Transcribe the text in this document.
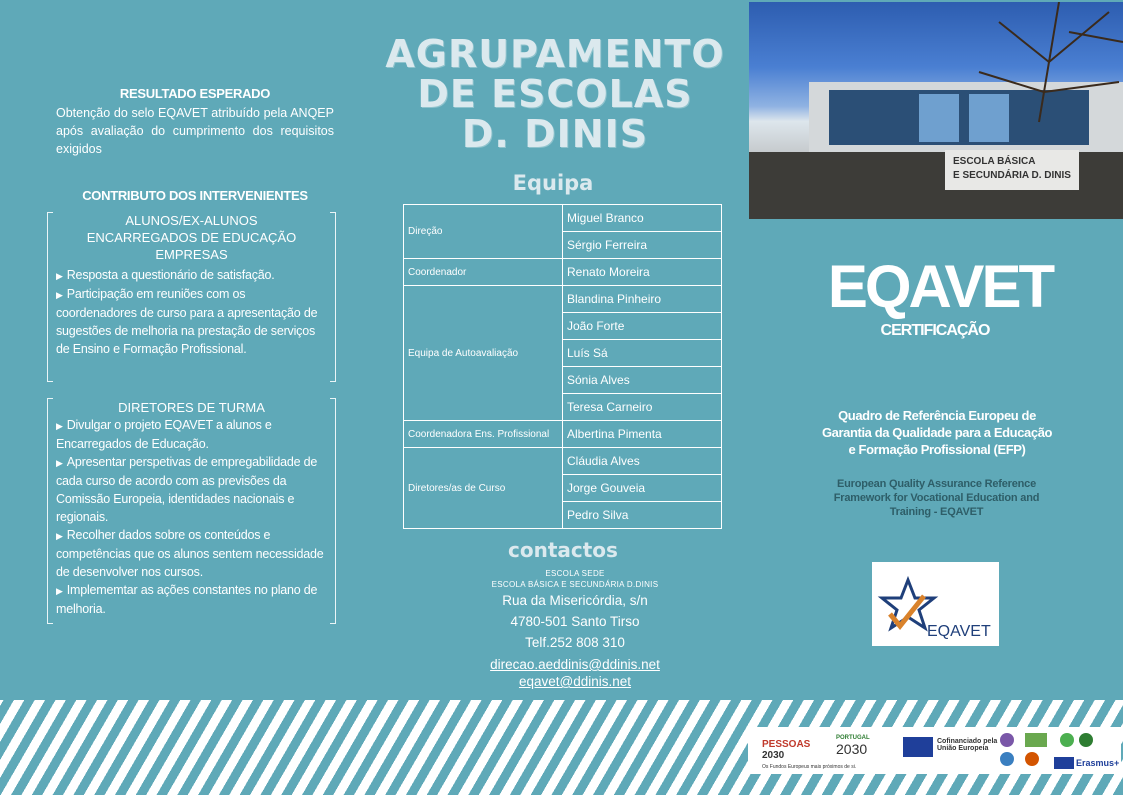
RESULTADO ESPERADO
Obtenção do selo EQAVET atribuído pela ANQEP após avaliação do cumprimento dos requisitos exigidos
CONTRIBUTO DOS INTERVENIENTES
ALUNOS/EX-ALUNOS
ENCARREGADOS DE EDUCAÇÃO
EMPRESAS
▶ Resposta a questionário de satisfação.
▶ Participação em reuniões com os coordenadores de curso para a apresentação de sugestões de melhoria na prestação de serviços de Ensino e Formação Profissional.
DIRETORES DE TURMA
▶ Divulgar o projeto EQAVET a alunos e Encarregados de Educação.
▶ Apresentar perspetivas de empregabilidade de cada curso de acordo com as previsões da Comissão Europeia, identidades nacionais e regionais.
▶ Recolher dados sobre os conteúdos e competências que os alunos sentem necessidade de desenvolver nos cursos.
▶ Implememtar as ações constantes no plano de melhoria.
AGRUPAMENTO
DE ESCOLAS
D. DINIS
Equipa
Direção	Miguel Branco
	Sérgio Ferreira
Coordenador	Renato Moreira
Equipa de Autoavaliação	Blandina Pinheiro
	João Forte
	Luís Sá
	Sónia Alves
	Teresa Carneiro
Coordenadora Ens. Profissional	Albertina Pimenta
Diretores/as de Curso	Cláudia Alves
	Jorge Gouveia
	Pedro Silva
contactos
ESCOLA SEDE
ESCOLA BÁSICA E SECUNDÁRIA D.DINIS
Rua da Misericórdia, s/n
4780-501 Santo Tirso
Telf.252 808 310
direcao.aeddinis@ddinis.net
eqavet@ddinis.net
ESCOLA BÁSICA
E SECUNDÁRIA D. DINIS
EQAVET
CERTIFICAÇÃO
Quadro de Referência Europeu de Garantia da Qualidade para a Educação e Formação Profissional (EFP)
European Quality Assurance Reference Framework for Vocational Education and Training - EQAVET
EQAVET
PESSOAS
2030
PORTUGAL
2030	Cofinanciado pela
União Europeia
Os Fundos Europeus mais próximos de si.	Erasmus+
